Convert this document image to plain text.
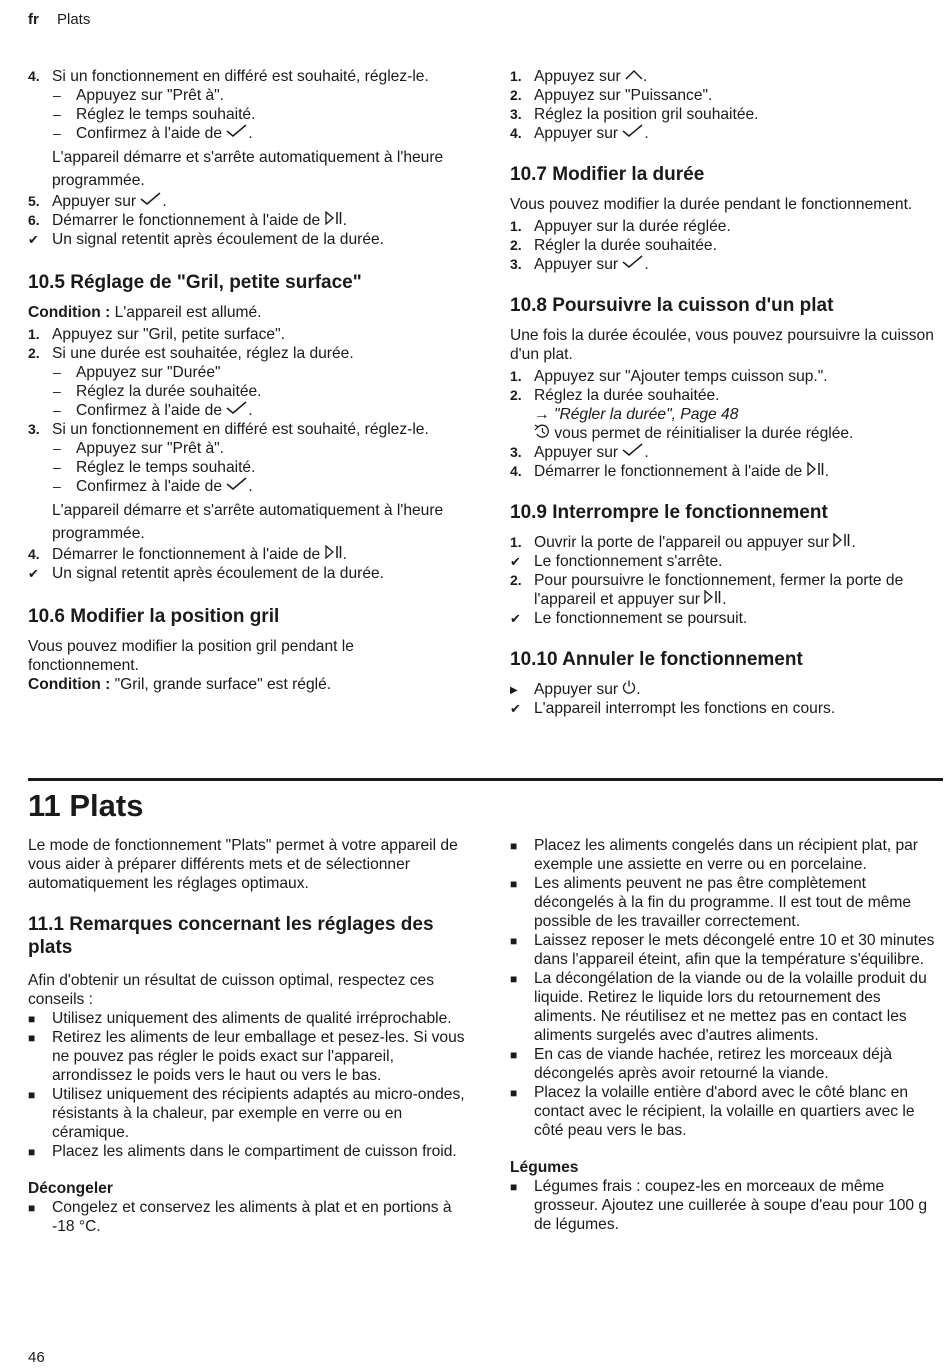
fr Plats
4. Si un fonctionnement en différé est souhaité, réglez-le.
– Appuyez sur "Prêt à".
– Réglez le temps souhaité.
– Confirmez à l'aide de .
L'appareil démarre et s'arrête automatiquement à l'heure programmée.
5. Appuyer sur .
6. Démarrer le fonctionnement à l'aide de .
✔ Un signal retentit après écoulement de la durée.
10.5 Réglage de "Gril, petite surface"
Condition : L'appareil est allumé.
1. Appuyez sur "Gril, petite surface".
2. Si une durée est souhaitée, réglez la durée.
– Appuyez sur "Durée"
– Réglez la durée souhaitée.
– Confirmez à l'aide de .
3. Si un fonctionnement en différé est souhaité, réglez-le.
– Appuyez sur "Prêt à".
– Réglez le temps souhaité.
– Confirmez à l'aide de .
L'appareil démarre et s'arrête automatiquement à l'heure programmée.
4. Démarrer le fonctionnement à l'aide de .
✔ Un signal retentit après écoulement de la durée.
10.6 Modifier la position gril
Vous pouvez modifier la position gril pendant le fonctionnement.
Condition : "Gril, grande surface" est réglé.
1. Appuyez sur .
2. Appuyez sur "Puissance".
3. Réglez la position gril souhaitée.
4. Appuyer sur .
10.7 Modifier la durée
Vous pouvez modifier la durée pendant le fonctionnement.
1. Appuyer sur la durée réglée.
2. Régler la durée souhaitée.
3. Appuyer sur .
10.8 Poursuivre la cuisson d'un plat
Une fois la durée écoulée, vous pouvez poursuivre la cuisson d'un plat.
1. Appuyez sur "Ajouter temps cuisson sup.".
2. Réglez la durée souhaitée.
→ "Régler la durée", Page 48
vous permet de réinitialiser la durée réglée.
3. Appuyer sur .
4. Démarrer le fonctionnement à l'aide de .
10.9 Interrompre le fonctionnement
1. Ouvrir la porte de l'appareil ou appuyer sur .
✔ Le fonctionnement s'arrête.
2. Pour poursuivre le fonctionnement, fermer la porte de l'appareil et appuyer sur .
✔ Le fonctionnement se poursuit.
10.10 Annuler le fonctionnement
▶	Appuyer sur .
✔ L'appareil interrompt les fonctions en cours.
11 Plats
Le mode de fonctionnement "Plats" permet à votre appareil de vous aider à préparer différents mets et de sélectionner automatiquement les réglages optimaux.
11.1 Remarques concernant les réglages des plats
Afin d'obtenir un résultat de cuisson optimal, respectez ces conseils :
■	Utilisez uniquement des aliments de qualité irréprochable.
■	Retirez les aliments de leur emballage et pesez-les. Si vous ne pouvez pas régler le poids exact sur l'appareil, arrondissez le poids vers le haut ou vers le bas.
■	Utilisez uniquement des récipients adaptés au micro-ondes, résistants à la chaleur, par exemple en verre ou en céramique.
■	Placez les aliments dans le compartiment de cuisson froid.
Décongeler
■	Congelez et conservez les aliments à plat et en portions à -18 °C.
■	Placez les aliments congelés dans un récipient plat, par exemple une assiette en verre ou en porcelaine.
■	Les aliments peuvent ne pas être complètement décongelés à la fin du programme. Il est tout de même possible de les travailler correctement.
■	Laissez reposer le mets décongelé entre 10 et 30 minutes dans l'appareil éteint, afin que la température s'équilibre.
■	La décongélation de la viande ou de la volaille produit du liquide. Retirez le liquide lors du retournement des aliments. Ne réutilisez et ne mettez pas en contact les aliments surgelés avec d'autres aliments.
■	En cas de viande hachée, retirez les morceaux déjà décongelés après avoir retourné la viande.
■	Placez la volaille entière d'abord avec le côté blanc en contact avec le récipient, la volaille en quartiers avec le côté peau vers le bas.
Légumes
■	Légumes frais : coupez-les en morceaux de même grosseur. Ajoutez une cuillerée à soupe d'eau pour 100 g de légumes.
46
